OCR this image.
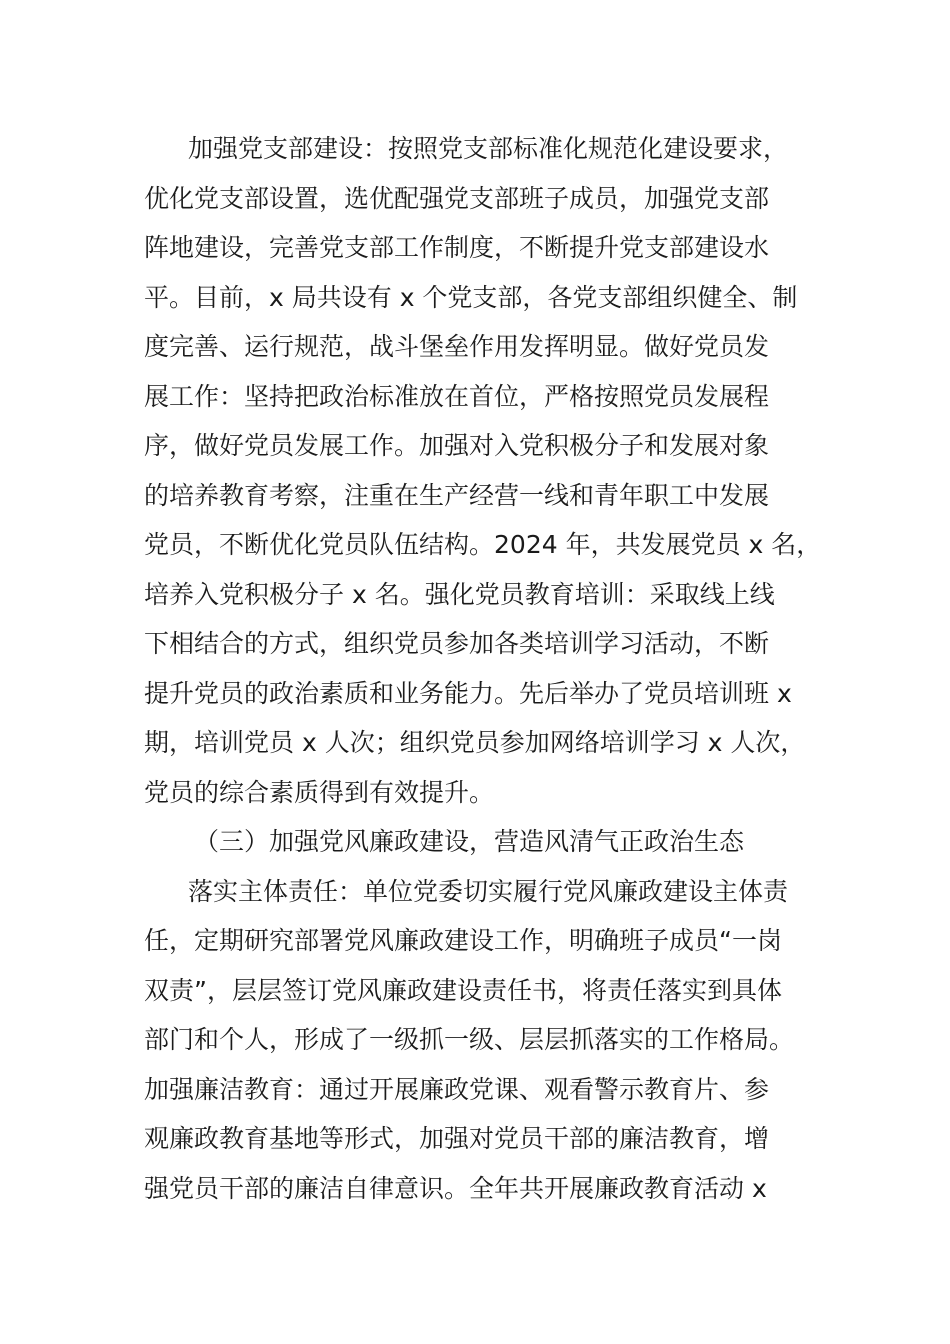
加强党支部建设：按照党支部标准化规范化建设要求，
优化党支部设置，选优配强党支部班子成员，加强党支部
阵地建设，完善党支部工作制度，不断提升党支部建设水
平。目前，x 局共设有 x 个党支部，各党支部组织健全、制
度完善、运行规范，战斗堡垒作用发挥明显。做好党员发
展工作：坚持把政治标准放在首位，严格按照党员发展程
序，做好党员发展工作。加强对入党积极分子和发展对象
的培养教育考察，注重在生产经营一线和青年职工中发展
党员，不断优化党员队伍结构。2024 年，共发展党员 x 名，
培养入党积极分子 x 名。强化党员教育培训：采取线上线
下相结合的方式，组织党员参加各类培训学习活动，不断
提升党员的政治素质和业务能力。先后举办了党员培训班 x
期，培训党员 x 人次；组织党员参加网络培训学习 x 人次，
党员的综合素质得到有效提升。
（三）加强党风廉政建设，营造风清气正政治生态
落实主体责任：单位党委切实履行党风廉政建设主体责
任，定期研究部署党风廉政建设工作，明确班子成员“一岗
双责”，层层签订党风廉政建设责任书，将责任落实到具体
部门和个人，形成了一级抓一级、层层抓落实的工作格局。
加强廉洁教育：通过开展廉政党课、观看警示教育片、参
观廉政教育基地等形式，加强对党员干部的廉洁教育，增
强党员干部的廉洁自律意识。全年共开展廉政教育活动 x
